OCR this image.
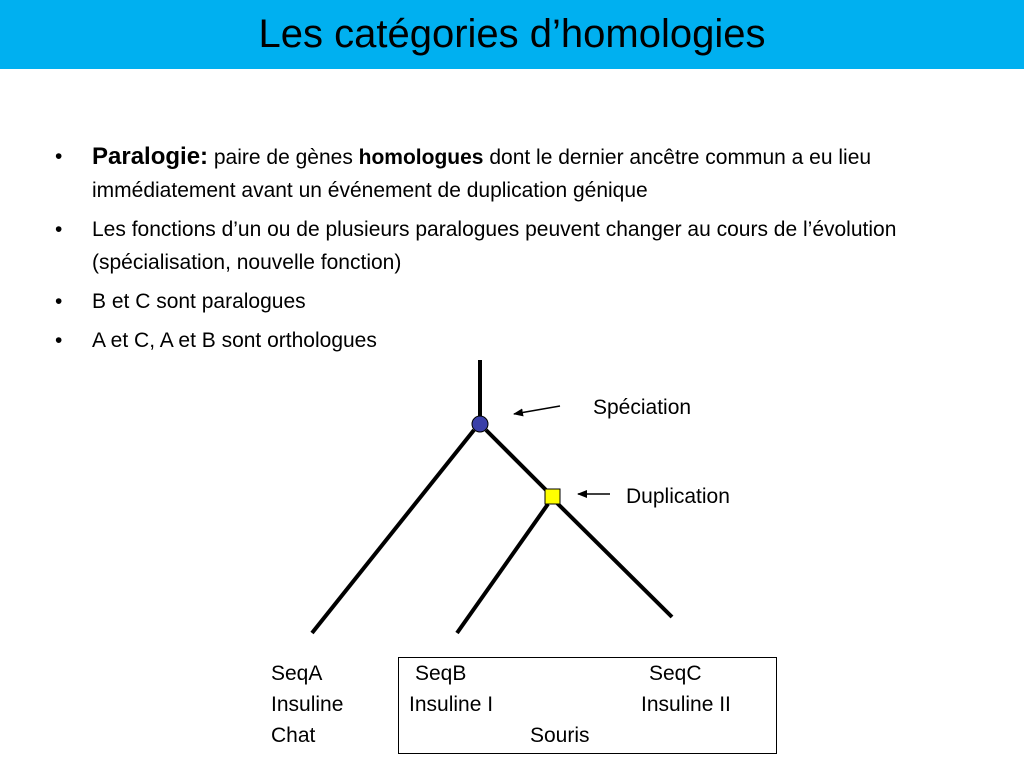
Les catégories d’homologies
• Paralogie: paire de gènes homologues dont le dernier ancêtre commun a eu lieu immédiatement avant un événement de duplication génique
• Les fonctions d’un ou de plusieurs paralogues peuvent changer au cours de l’évolution (spécialisation, nouvelle fonction)
• B et C sont paralogues
• A et C, A et B sont orthologues
Spéciation
Duplication
SeqA
Insuline
Chat
SeqB
Insuline I
SeqC
Insuline II
Souris
